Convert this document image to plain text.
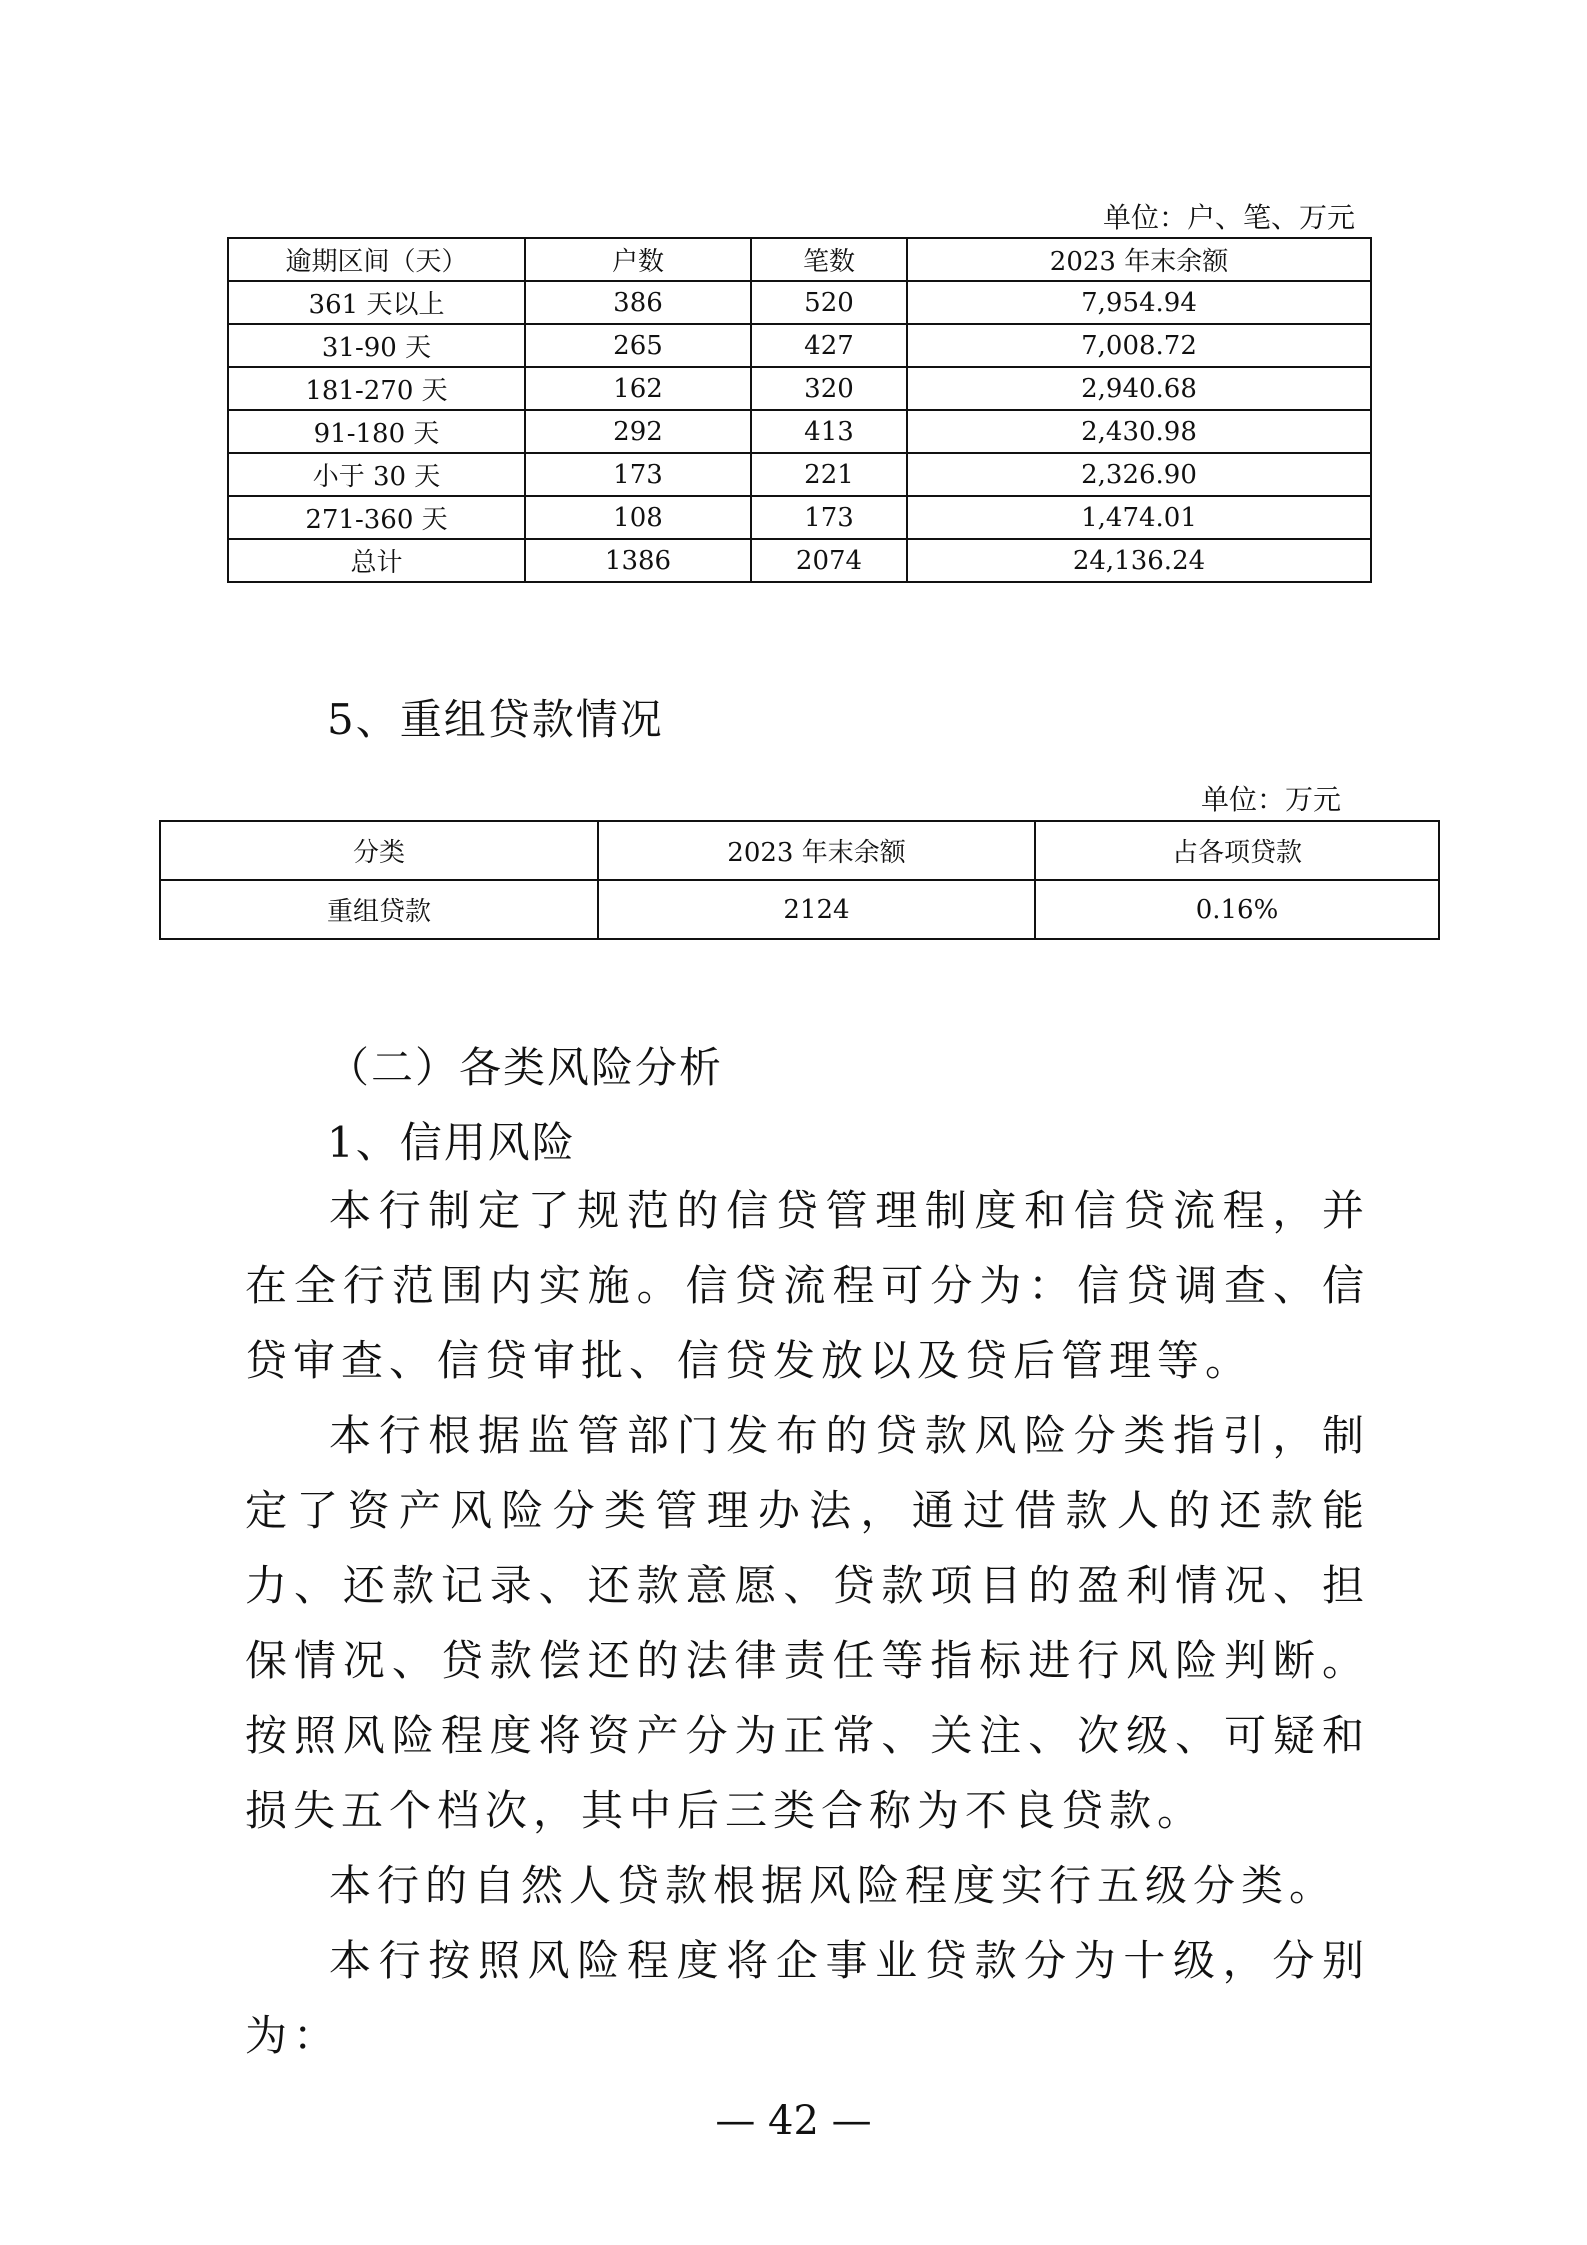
单位：户、笔、万元
逾期区间（天）	户数	笔数	2023 年末余额
361 天以上	386	520	7,954.94
31-90 天	265	427	7,008.72
181-270 天	162	320	2,940.68
91-180 天	292	413	2,430.98
小于 30 天	173	221	2,326.90
271-360 天	108	173	1,474.01
总计	1386	2074	24,136.24
5、重组贷款情况
单位：万元
分类	2023 年末余额	占各项贷款
重组贷款	2124	0.16%
（二）各类风险分析
1、信用风险

本行制定了规范的信贷管理制度和信贷流程，并在全行范围内实施。信贷流程可分为：信贷调查、信贷审查、信贷审批、信贷发放以及贷后管理等。

本行根据监管部门发布的贷款风险分类指引，制定了资产风险分类管理办法，通过借款人的还款能力、还款记录、还款意愿、贷款项目的盈利情况、担保情况、贷款偿还的法律责任等指标进行风险判断。按照风险程度将资产分为正常、关注、次级、可疑和损失五个档次，其中后三类合称为不良贷款。

本行的自然人贷款根据风险程度实行五级分类。

本行按照风险程度将企事业贷款分为十级，分别为：

— 42 —
